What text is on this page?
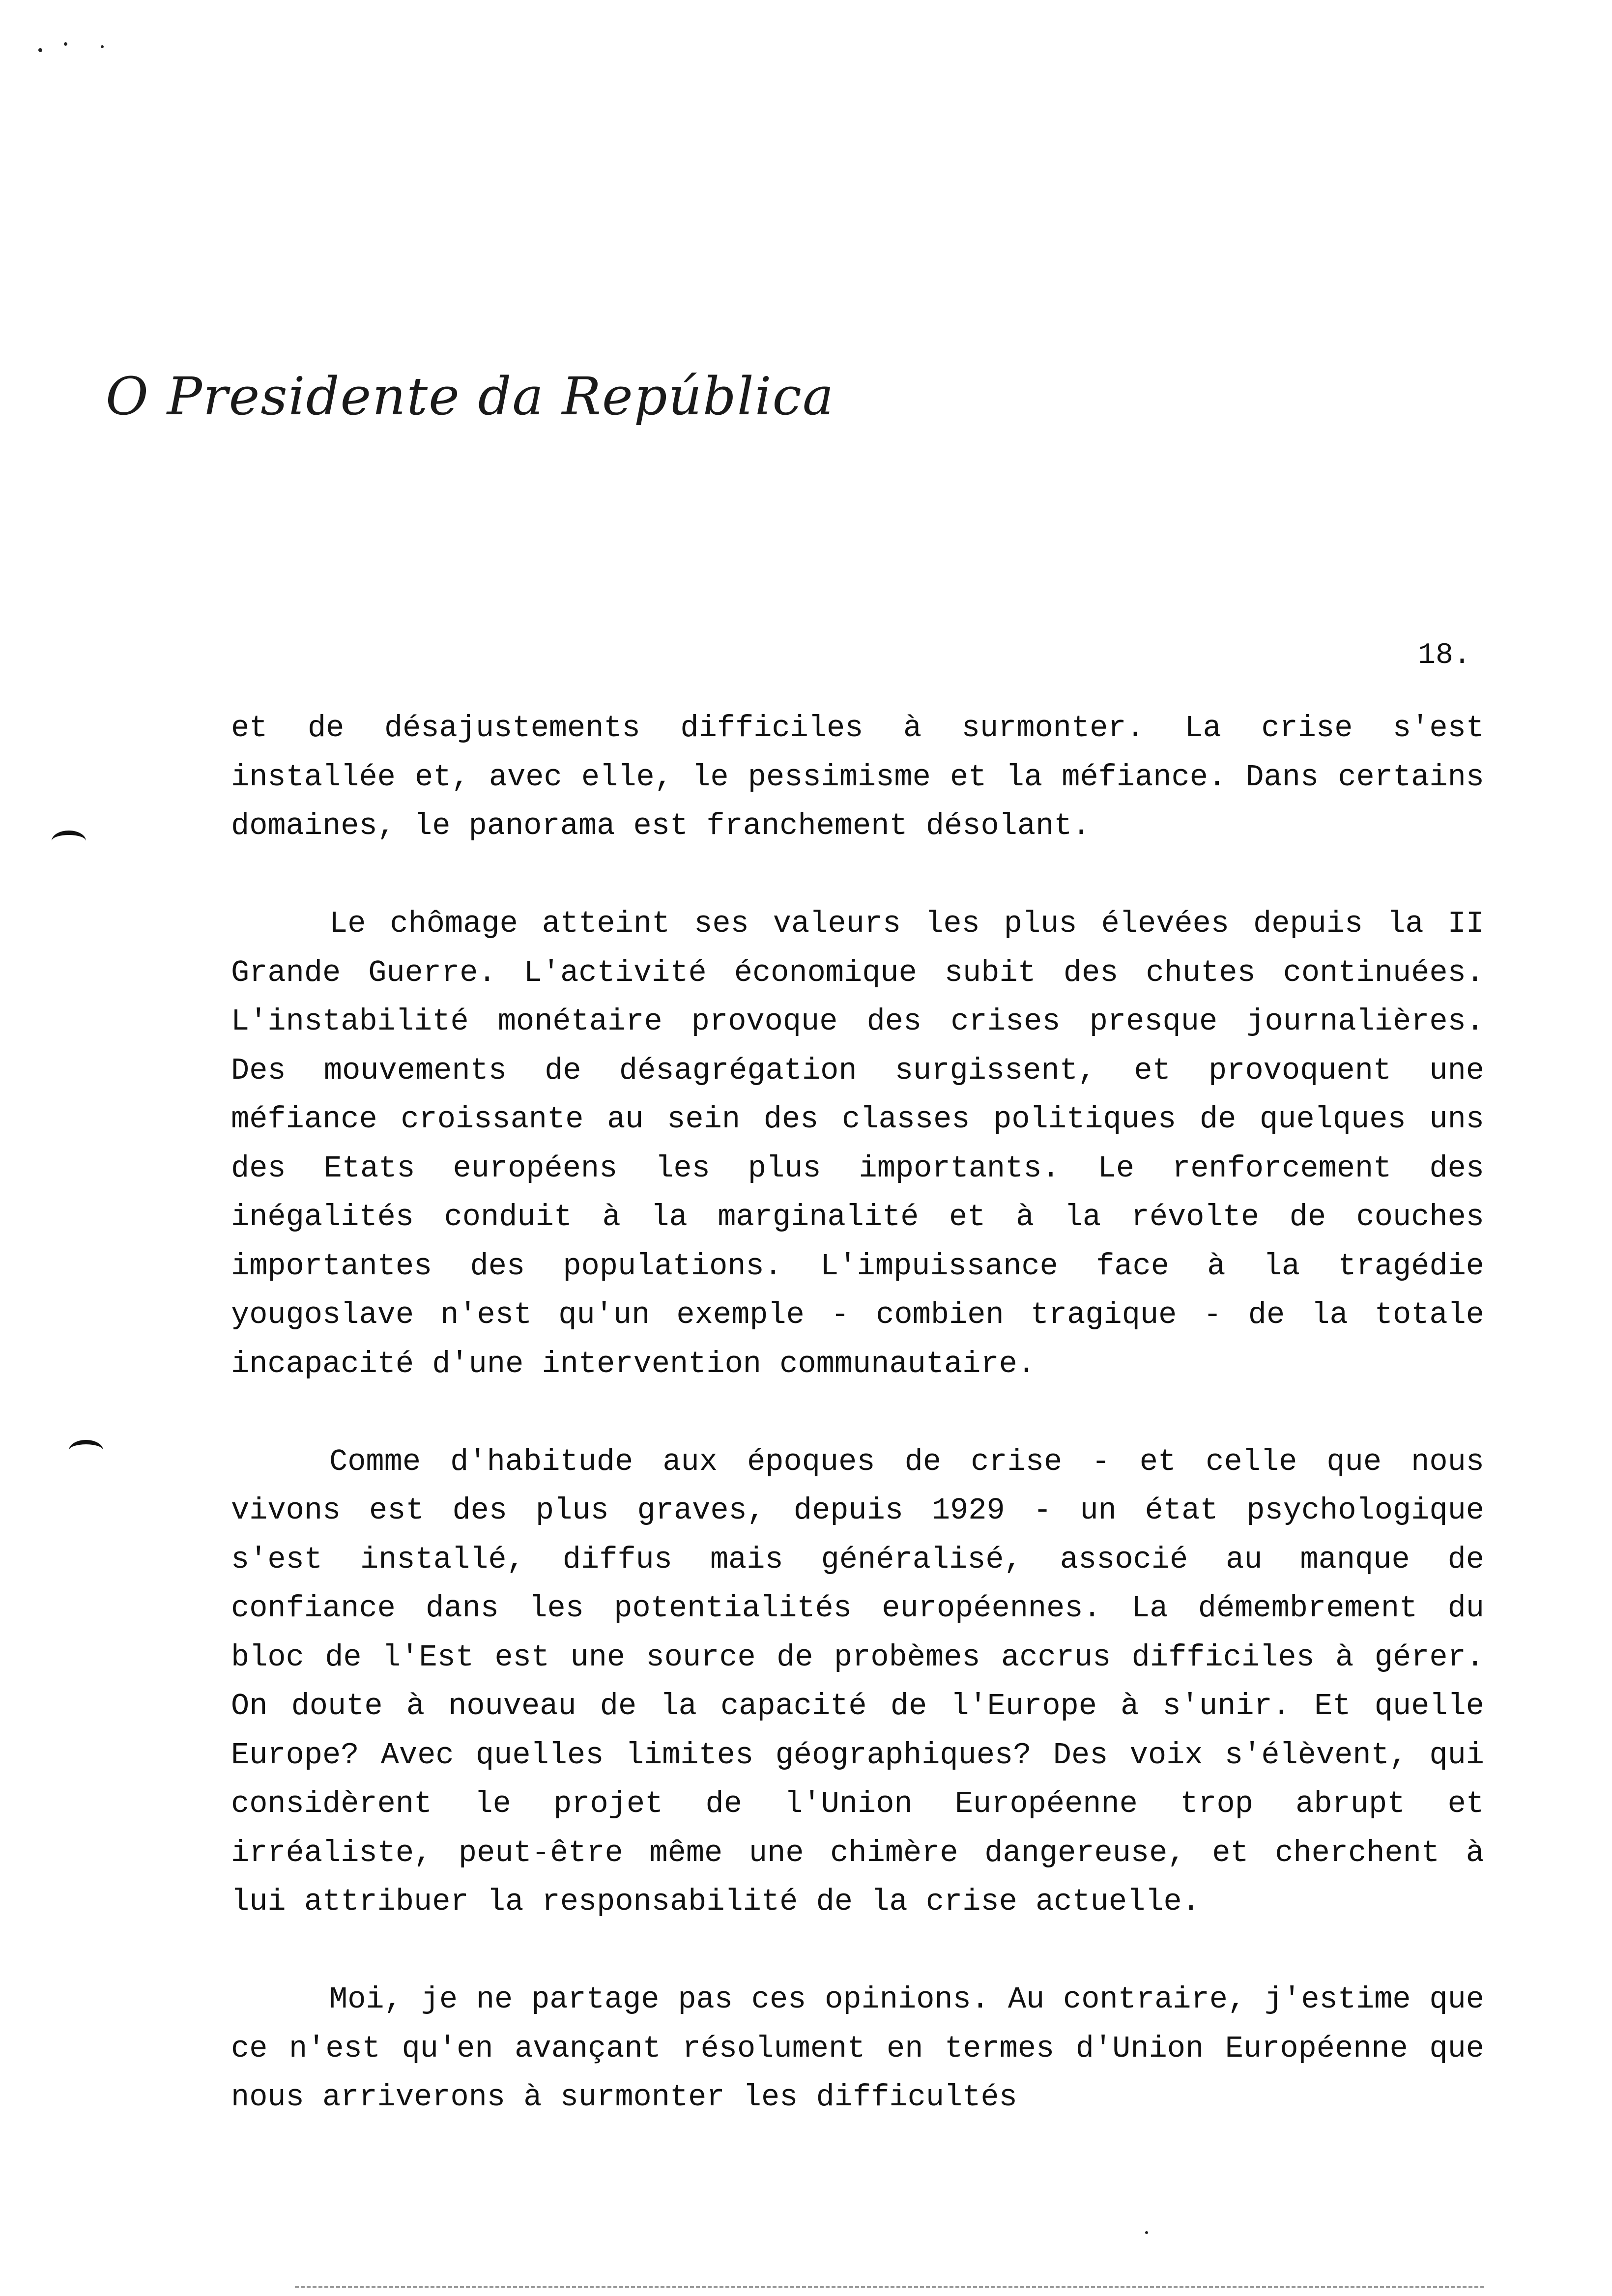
O Presidente da República
18.

et de désajustements difficiles à surmonter. La crise s'est installée et, avec elle, le pessimisme et la méfiance. Dans certains domaines, le panorama est franchement désolant.

Le chômage atteint ses valeurs les plus élevées depuis la II Grande Guerre. L'activité économique subit des chutes continuées. L'instabilité monétaire provoque des crises presque journalières. Des mouvements de désagrégation surgissent, et provoquent une méfiance croissante au sein des classes politiques de quelques uns des Etats européens les plus importants. Le renforcement des inégalités conduit à la marginalité et à la révolte de couches importantes des populations. L'impuissance face à la tragédie yougoslave n'est qu'un exemple - combien tragique - de la totale incapacité d'une intervention communautaire.

Comme d'habitude aux époques de crise - et celle que nous vivons est des plus graves, depuis 1929 - un état psychologique s'est installé, diffus mais généralisé, associé au manque de confiance dans les potentialités européennes. La démembrement du bloc de l'Est est une source de probèmes accrus difficiles à gérer. On doute à nouveau de la capacité de l'Europe à s'unir. Et quelle Europe? Avec quelles limites géographiques? Des voix s'élèvent, qui considèrent le projet de l'Union Européenne trop abrupt et irréaliste, peut-être même une chimère dangereuse, et cherchent à lui attribuer la responsabilité de la crise actuelle.

Moi, je ne partage pas ces opinions. Au contraire, j'estime que ce n'est qu'en avançant résolument en termes d'Union Européenne que nous arriverons à surmonter les difficultés
